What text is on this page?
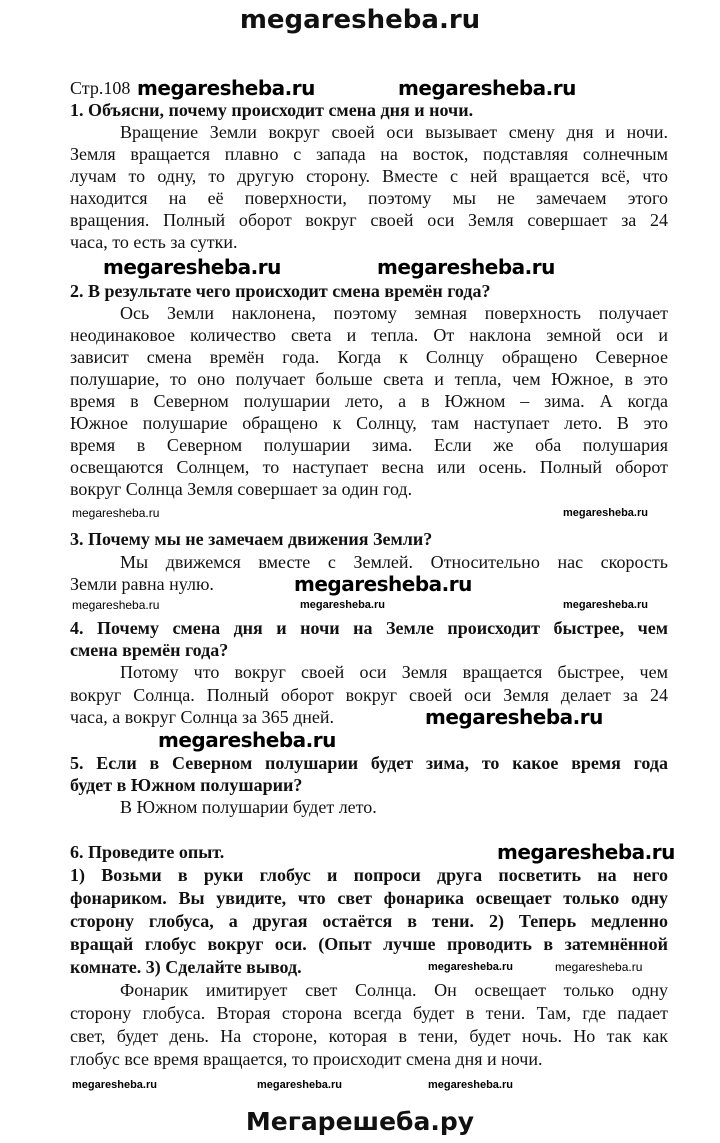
megaresheba.ru
Стр.108 megaresheba.ru	megaresheba.ru
1. Объясни, почему происходит смена дня и ночи.
Вращение Земли вокруг своей оси вызывает смену дня и ночи.
Земля вращается плавно с запада на восток, подставляя солнечным
лучам то одну, то другую сторону. Вместе с ней вращается всё, что
находится на её поверхности, поэтому мы не замечаем этого
вращения. Полный оборот вокруг своей оси Земля совершает за 24
часа, то есть за сутки.
megaresheba.ru	megaresheba.ru
2. В результате чего происходит смена времён года?
Ось Земли наклонена, поэтому земная поверхность получает
неодинаковое количество света и тепла. От наклона земной оси и
зависит смена времён года. Когда к Солнцу обращено Северное
полушарие, то оно получает больше света и тепла, чем Южное, в это
время в Северном полушарии лето, а в Южном – зима. А когда
Южное полушарие обращено к Солнцу, там наступает лето. В это
время в Северном полушарии зима. Если же оба полушария
освещаются Солнцем, то наступает весна или осень. Полный оборот
вокруг Солнца Земля совершает за один год.
megaresheba.ru	megaresheba.ru
3. Почему мы не замечаем движения Земли?
Мы движемся вместе с Землей. Относительно нас скорость
Земли равна нулю.	megaresheba.ru
megaresheba.ru	megaresheba.ru	megaresheba.ru
4. Почему смена дня и ночи на Земле происходит быстрее, чем
смена времён года?
Потому что вокруг своей оси Земля вращается быстрее, чем
вокруг Солнца. Полный оборот вокруг своей оси Земля делает за 24
часа, а вокруг Солнца за 365 дней.	megaresheba.ru
megaresheba.ru
5. Если в Северном полушарии будет зима, то какое время года
будет в Южном полушарии?
В Южном полушарии будет лето.
6. Проведите опыт.	megaresheba.ru
1) Возьми в руки глобус и попроси друга посветить на него
фонариком. Вы увидите, что свет фонарика освещает только одну
сторону глобуса, а другая остаётся в тени. 2) Теперь медленно
вращай глобус вокруг оси. (Опыт лучше проводить в затемнённой
комнате. 3) Сделайте вывод.	megaresheba.ru	megaresheba.ru
Фонарик имитирует свет Солнца. Он освещает только одну
сторону глобуса. Вторая сторона всегда будет в тени. Там, где падает
свет, будет день. На стороне, которая в тени, будет ночь. Но так как
глобус все время вращается, то происходит смена дня и ночи.
megaresheba.ru	megaresheba.ru	megaresheba.ru
Мегарешеба.ру
